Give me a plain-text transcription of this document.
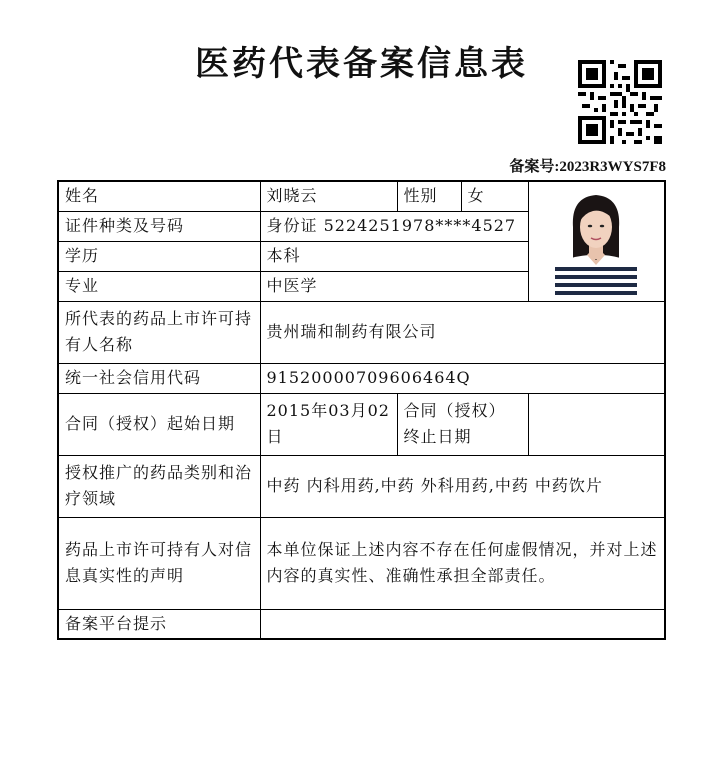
医药代表备案信息表
备案号:2023R3WYS7F8
姓名	刘晓云	性别	女	

证件种类及号码	身份证 5224251978****4527			
学历	本科			
专业	中医学			
所代表的药品上市许可持有人名称	贵州瑞和制药有限公司			
统一社会信用代码	91520000709606464Q			
合同（授权）起始日期	2015年03月02日	合同（授权）终止日期		
授权推广的药品类别和治疗领域	中药 内科用药,中药 外科用药,中药 中药饮片			
药品上市许可持有人对信息真实性的声明	本单位保证上述内容不存在任何虚假情况，并对上述内容的真实性、准确性承担全部责任。			
备案平台提示				
